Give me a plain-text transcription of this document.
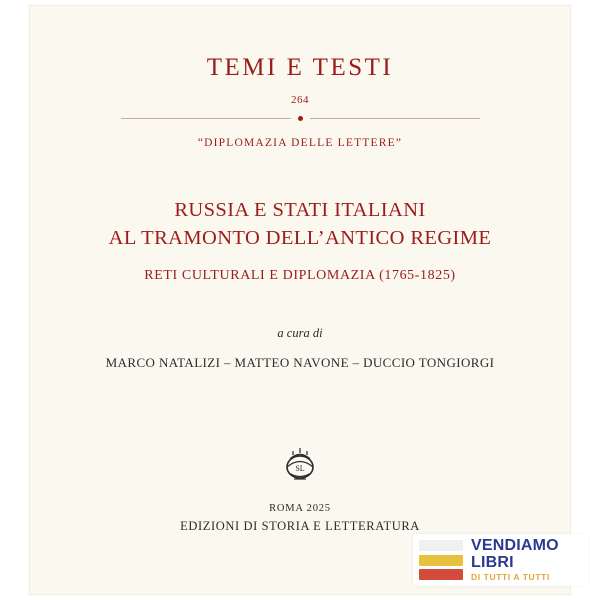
TEMI E TESTI
264
“DIPLOMAZIA DELLE LETTERE”
RUSSIA E STATI ITALIANI
AL TRAMONTO DELL’ANTICO REGIME
RETI CULTURALI E DIPLOMAZIA (1765-1825)
a cura di
MARCO NATALIZI – MATTEO NAVONE – DUCCIO TONGIORGI
SL
ROMA 2025
EDIZIONI DI STORIA E LETTERATURA
VENDIAMO
LIBRI
DI TUTTI A TUTTI
